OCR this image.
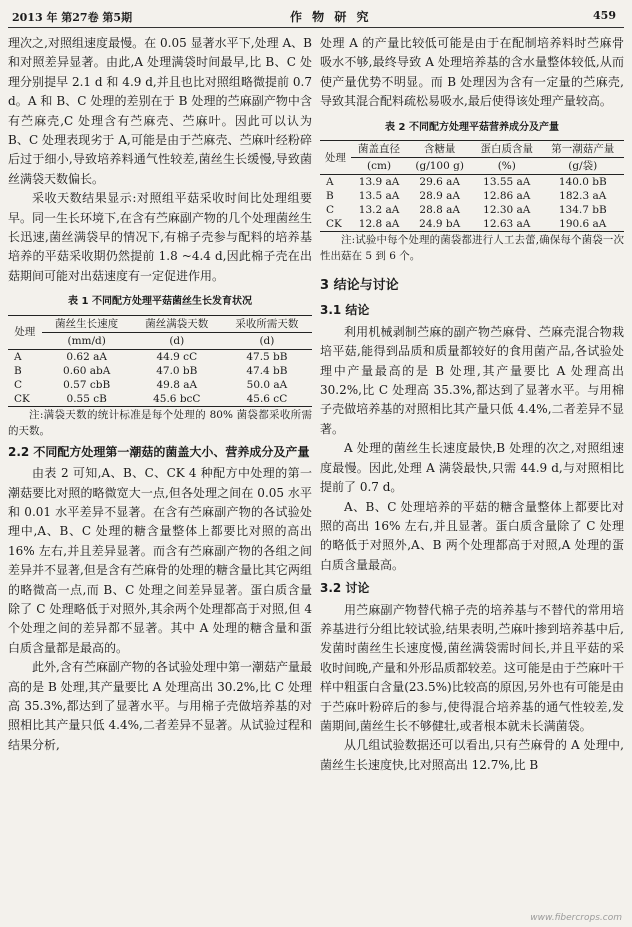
2013 年 第27卷 第5期	作 物 研 究	459

理次之,对照组速度最慢。在 0.05 显著水平下,处理 A、B 和对照差异显著。由此,A 处理满袋时间最早,比 B、C 处理分别提早 2.1 d 和 4.9 d,并且也比对照组略微提前 0.7 d。A 和 B、C 处理的差别在于 B 处理的苎麻副产物中含有苎麻壳,C 处理含有苎麻壳、苎麻叶。因此可以认为 B、C 处理表现劣于 A,可能是由于苎麻壳、苎麻叶经粉碎后过于细小,导致培养料通气性较差,菌丝生长缓慢,导致菌丝满袋天数偏长。

采收天数结果显示:对照组平菇采收时间比处理组要早。同一生长环境下,在含有苎麻副产物的几个处理菌丝生长迅速,菌丝满袋早的情况下,有棉子壳参与配料的培养基培养的平菇采收期仍然提前 1.8 ~4.4 d,因此棉子壳在出菇期间可能对出菇速度有一定促进作用。

表 1 不同配方处理平菇菌丝生长发育状况
处理	菌丝生长速度	菌丝满袋天数	采收所需天数
	(mm/d)	(d)	(d)
A	0.62 aA	44.9 cC	47.5 bB
B	0.60 abA	47.0 bB	47.4 bB
C	0.57 cbB	49.8 aA	50.0 aA
CK	0.55 cB	45.6 bcC	45.6 cC

注:满袋天数的统计标准是每个处理的 80% 菌袋都采收所需的天数。

2.2 不同配方处理第一潮菇的菌盖大小、营养成分及产量

由表 2 可知,A、B、C、CK 4 种配方中处理的第一潮菇要比对照的略微宽大一点,但各处理之间在 0.05 水平和 0.01 水平差异不显著。在含有苎麻副产物的各试验处理中,A、B、C 处理的糖含量整体上都要比对照的高出 16% 左右,并且差异显著。而含有苎麻副产物的各组之间差异并不显著,但是含有苎麻骨的处理的糖含量比其它两组的略微高一点,而 B、C 处理之间差异显著。蛋白质含量除了 C 处理略低于对照外,其余两个处理都高于对照,但 4 个处理之间的差异都不显著。其中 A 处理的糖含量和蛋白质含量都是最高的。

此外,含有苎麻副产物的各试验处理中第一潮菇产量最高的是 B 处理,其产量要比 A 处理高出 30.2%,比 C 处理高 35.3%,都达到了显著水平。与用棉子壳做培养基的对照相比其产量只低 4.4%,二者差异不显著。从试验过程和结果分析,

处理 A 的产量比较低可能是由于在配制培养料时苎麻骨吸水不够,最终导致 A 处理培养基的含水量整体较低,从而使产量优势不明显。而 B 处理因为含有一定量的苎麻壳,导致其混合配料疏松易吸水,最后使得该处理产量较高。

表 2 不同配方处理平菇营养成分及产量
处理	菌盖直径	含糖量	蛋白质含量	第一潮菇产量
	(cm)	(g/100 g)	(%)	(g/袋)
A	13.9 aA	29.6 aA	13.55 aA	140.0 bB
B	13.5 aA	28.9 aA	12.86 aA	182.3 aA
C	13.2 aA	28.8 aA	12.30 aA	134.7 bB
CK	12.8 aA	24.9 bA	12.63 aA	190.6 aA

注:试验中每个处理的菌袋都进行人工去蕾,确保每个菌袋一次性出菇在 5 到 6 个。

3 结论与讨论
3.1 结论

利用机械剥制苎麻的副产物苎麻骨、苎麻壳混合物栽培平菇,能得到品质和质量都较好的食用菌产品,各试验处理中产量最高的是 B 处理,其产量要比 A 处理高出 30.2%,比 C 处理高 35.3%,都达到了显著水平。与用棉子壳做培养基的对照相比其产量只低 4.4%,二者差异不显著。

A 处理的菌丝生长速度最快,B 处理的次之,对照组速度最慢。因此,处理 A 满袋最快,只需 44.9 d,与对照相比提前了 0.7 d。

A、B、C 处理培养的平菇的糖含量整体上都要比对照的高出 16% 左右,并且显著。蛋白质含量除了 C 处理的略低于对照外,A、B 两个处理都高于对照,A 处理的蛋白质含量最高。

3.2 讨论

用苎麻副产物替代棉子壳的培养基与不替代的常用培养基进行分组比较试验,结果表明,苎麻叶掺到培养基中后,发菌时菌丝生长速度慢,菌丝满袋需时间长,并且平菇的采收时间晚,产量和外形品质都较差。这可能是由于苎麻叶干样中粗蛋白含量(23.5%)比较高的原因,另外也有可能是由于苎麻叶粉碎后的参与,使得混合培养基的通气性较差,发菌期间,菌丝生长不够健壮,或者根本就未长满菌袋。

从几组试验数据还可以看出,只有苎麻骨的 A 处理中,菌丝生长速度快,比对照高出 12.7%,比 B

www.fibercrops.com
